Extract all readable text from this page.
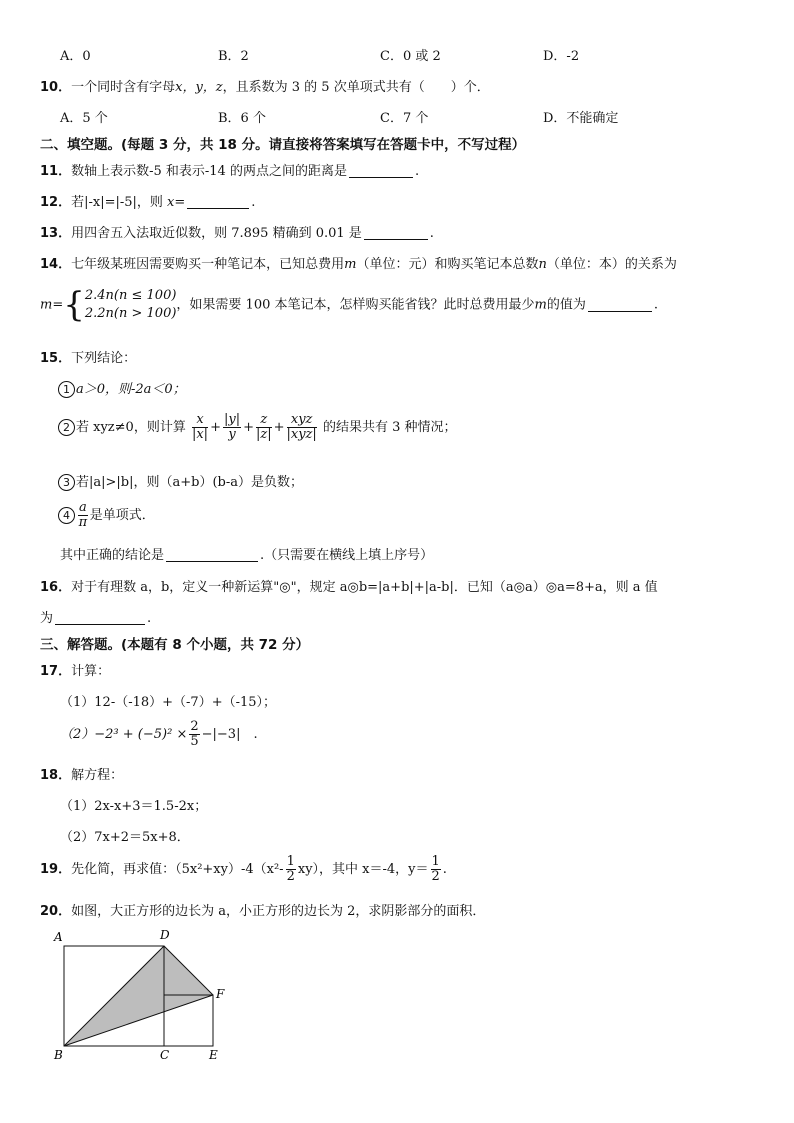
A．0	B．2	C．0 或 2	D．-2
10．一个同时含有字母x，y，z，且系数为 3 的 5 次单项式共有（　　）个．
A．5 个	B．6 个	C．7 个	D．不能确定
二、填空题。(每题 3 分，共 18 分。请直接将答案填写在答题卡中，不写过程）
11．数轴上表示数-5 和表示-14 的两点之间的距离是	.
12．若|-x|=|-5|，则 x=	.
13．用四舍五入法取近似数，则 7.895 精确到 0.01 是	.
14．七年级某班因需要购买一种笔记本，已知总费用m（单位：元）和购买笔记本总数n（单位：本）的关系为
m={ 2.4n(n ≤ 100)
2.2n(n > 100)
，如果需要 100 本笔记本，怎样购买能省钱？此时总费用最少m的值为	.
15．下列结论：
1 a＞0，则-2a＜0；
2 若 xyz≠0，则计算 $\frac{x}{|x|} + \frac{|y|}{y} + \frac{z}{|z|} + \frac{\text{xyz}}{\text{|xyz|}}$ 的结果共有 3 种情况；
3 若|a|>|b|，则（a+b）(b-a）是负数；
$4 \frac{a}{\pi}$ 是单项式．
其中正确的结论是	.（只需要在横线上填上序号）
16．对于有理数 a，b，定义一种新运算"◎"，规定 a◎b=|a+b|+|a-b|．已知（a◎a）◎a=8+a，则 a 值
为	.
三、解答题。(本题有 8 个小题，共 72 分）
17．计算：
（1）12-（-18）+（-7）+（-15）；
$(2)-2^3 + (-5)^2 \times \frac{2}{5} -|-3|$　.
18．解方程：
（1）2x-x+3＝1.5-2x；
（2）7x+2＝5x+8．
19．先化简，再求值：$(5x^2+xy)-4(x^2- \frac{1}{2} xy)$，其中 x＝-4，$y= \frac{1}{2}$ .
20．如图，大正方形的边长为 a，小正方形的边长为 2，求阴影部分的面积．
A	D
F
B	C	E
